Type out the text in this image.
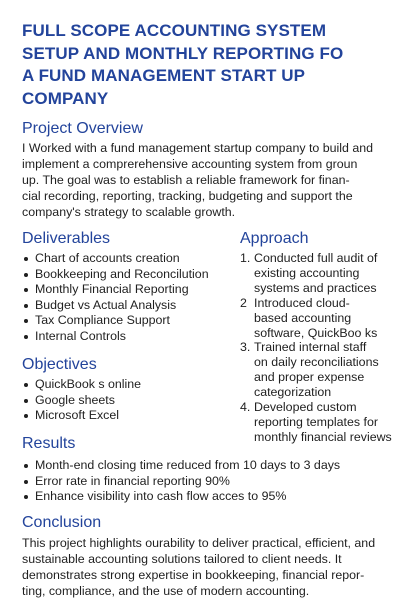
FULL SCOPE ACCOUNTING SYSTEM
SETUP AND MONTHLY REPORTING FO
A FUND MANAGEMENT START UP
COMPANY
Project Overview
I Worked with a fund management startup company to build and
implement a comprerehensive accounting system from groun
up. The goal was to establish a reliable framework for finan-
cial recording, reporting, tracking, budgeting and support the
company's strategy to scalable growth.
Deliverables
Chart of accounts creation
Bookkeeping and Reconcilution
Monthly Financial Reporting
Budget vs Actual Analysis
Tax Compliance Support
Internal Controls
Approach
1. Conducted full audit of
existing accounting
systems and practices
2 Introduced cloud-
based accounting
software, QuickBoo ks
3. Trained internal staff
on daily reconciliations
and proper expense
categorization
4. Developed custom
reporting templates for
monthly financial reviews
Objectives
QuickBook s online
Google sheets
Microsoft Excel
Results
Month-end closing time reduced from 10 days to 3 days
Error rate in financial reporting 90%
Enhance visibility into cash flow acces to 95%
Conclusion
This project highlights ourability to deliver practical, efficient, and
sustainable accounting solutions tailored to client needs. It
demonstrates strong expertise in bookkeeping, financial repor-
ting, compliance, and the use of modern accounting.
